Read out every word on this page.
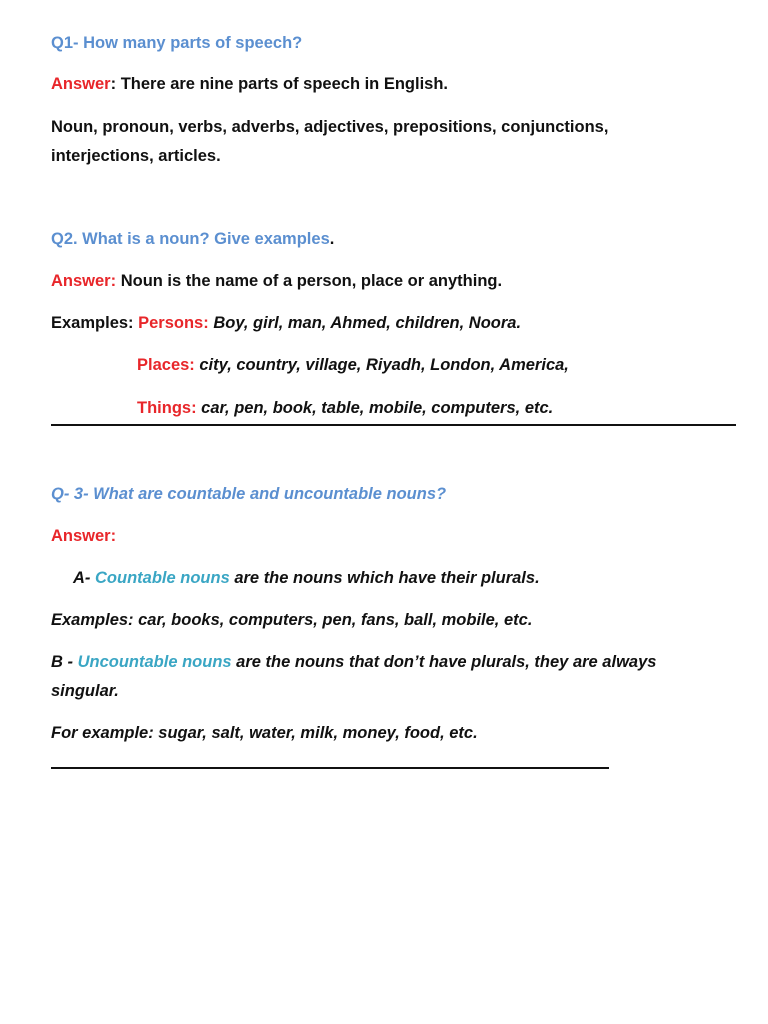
Q1- How many parts of speech?
Answer: There are nine parts of speech in English.
Noun, pronoun, verbs, adverbs, adjectives, prepositions, conjunctions,
interjections, articles.
Q2. What is a noun? Give examples.
Answer: Noun is the name of a person, place or anything.
Examples: Persons: Boy, girl, man, Ahmed, children, Noora.
Places: city, country, village, Riyadh, London, America,
Things: car, pen, book, table, mobile, computers, etc.
Q- 3- What are countable and uncountable nouns?
Answer:
A- Countable nouns are the nouns which have their plurals.
Examples: car, books, computers, pen, fans, ball, mobile, etc.
B - Uncountable nouns are the nouns that don’t have plurals, they are always
singular.
For example: sugar, salt, water, milk, money, food, etc.
